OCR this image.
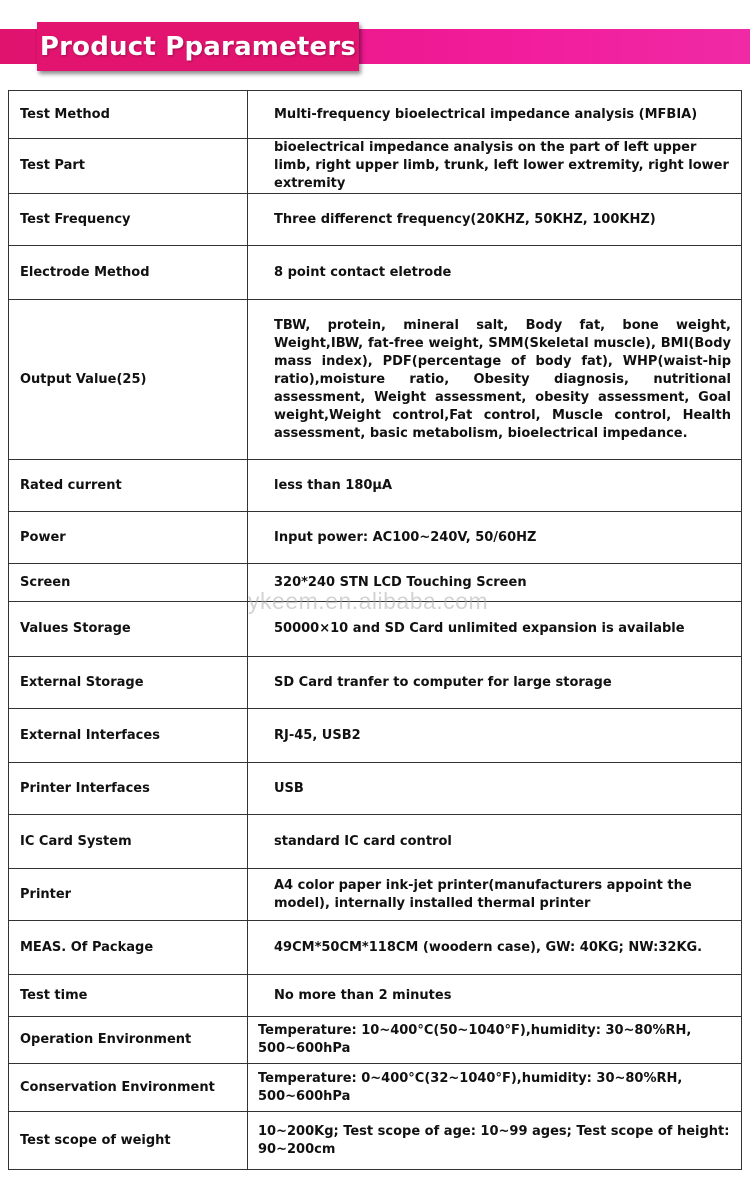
Product Pparameters
Test Method	Multi-frequency bioelectrical impedance analysis (MFBIA)
Test Part	bioelectrical impedance analysis on the part of left upper limb, right upper limb, trunk, left lower extremity, right lower extremity
Test Frequency	Three differenct frequency(20KHZ, 50KHZ, 100KHZ)
Electrode Method	8 point contact eletrode
Output Value(25)	TBW, protein, mineral salt, Body fat, bone weight, Weight,IBW, fat-free weight, SMM(Skeletal muscle), BMI(Body mass index), PDF(percentage of body fat), WHP(waist-hip ratio),moisture ratio, Obesity diagnosis, nutritional assessment, Weight assessment, obesity assessment, Goal weight,Weight control,Fat control, Muscle control, Health assessment, basic metabolism, bioelectrical impedance.
Rated current	less than 180μA
Power	Input power: AC100~240V, 50/60HZ
Screen	320*240 STN LCD Touching Screen
Values Storage	50000×10 and SD Card unlimited expansion is available
External Storage	SD Card tranfer to computer for large storage
External Interfaces	RJ-45, USB2
Printer Interfaces	USB
IC Card System	standard IC card control
Printer	A4 color paper ink-jet printer(manufacturers appoint the model), internally installed thermal printer
MEAS. Of Package	49CM*50CM*118CM (woodern case), GW: 40KG; NW:32KG.
Test time	No more than 2 minutes
Operation Environment	Temperature: 10~400°C(50~1040°F),humidity: 30~80%RH, 500~600hPa
Conservation Environment	Temperature: 0~400°C(32~1040°F),humidity: 30~80%RH, 500~600hPa
Test scope of weight	10~200Kg; Test scope of age: 10~99 ages; Test scope of height: 90~200cm
ykeem.en.alibaba.com
